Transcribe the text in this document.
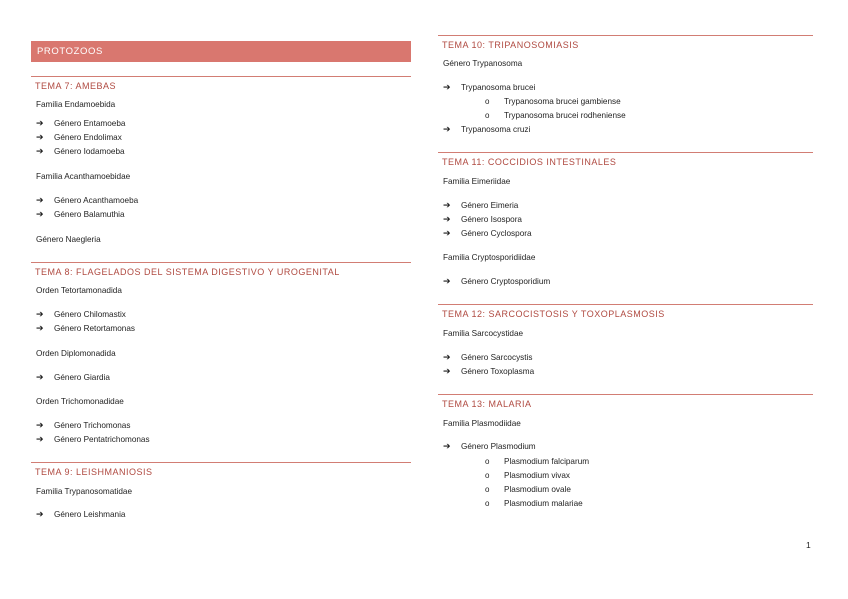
PROTOZOOS
TEMA 7: AMEBAS
Familia Endamoebida
➔ Género Entamoeba
➔ Género Endolimax
➔ Género Iodamoeba
Familia Acanthamoebidae
➔ Género Acanthamoeba
➔ Género Balamuthia
Género Naegleria
TEMA 8: FLAGELADOS DEL SISTEMA DIGESTIVO Y UROGENITAL
Orden Tetortamonadida
➔ Género Chilomastix
➔ Género Retortamonas
Orden Diplomonadida
➔ Género Giardia
Orden Trichomonadidae
➔ Género Trichomonas
➔ Género Pentatrichomonas
TEMA 9: LEISHMANIOSIS
Familia Trypanosomatidae
➔ Género Leishmania
TEMA 10: TRIPANOSOMIASIS
Género Trypanosoma
➔ Trypanosoma brucei
o Trypanosoma brucei gambiense
o Trypanosoma brucei rodheniense
➔ Trypanosoma cruzi
TEMA 11: COCCIDIOS INTESTINALES
Familia Eimeriidae
➔ Género Eimeria
➔ Género Isospora
➔ Género Cyclospora
Familia Cryptosporidiidae
➔ Género Cryptosporidium
TEMA 12: SARCOCISTOSIS Y TOXOPLASMOSIS
Familia Sarcocystidae
➔ Género Sarcocystis
➔ Género Toxoplasma
TEMA 13: MALARIA
Familia Plasmodiidae
➔ Género Plasmodium
o Plasmodium falciparum
o Plasmodium vivax
o Plasmodium ovale
o Plasmodium malariae
1
